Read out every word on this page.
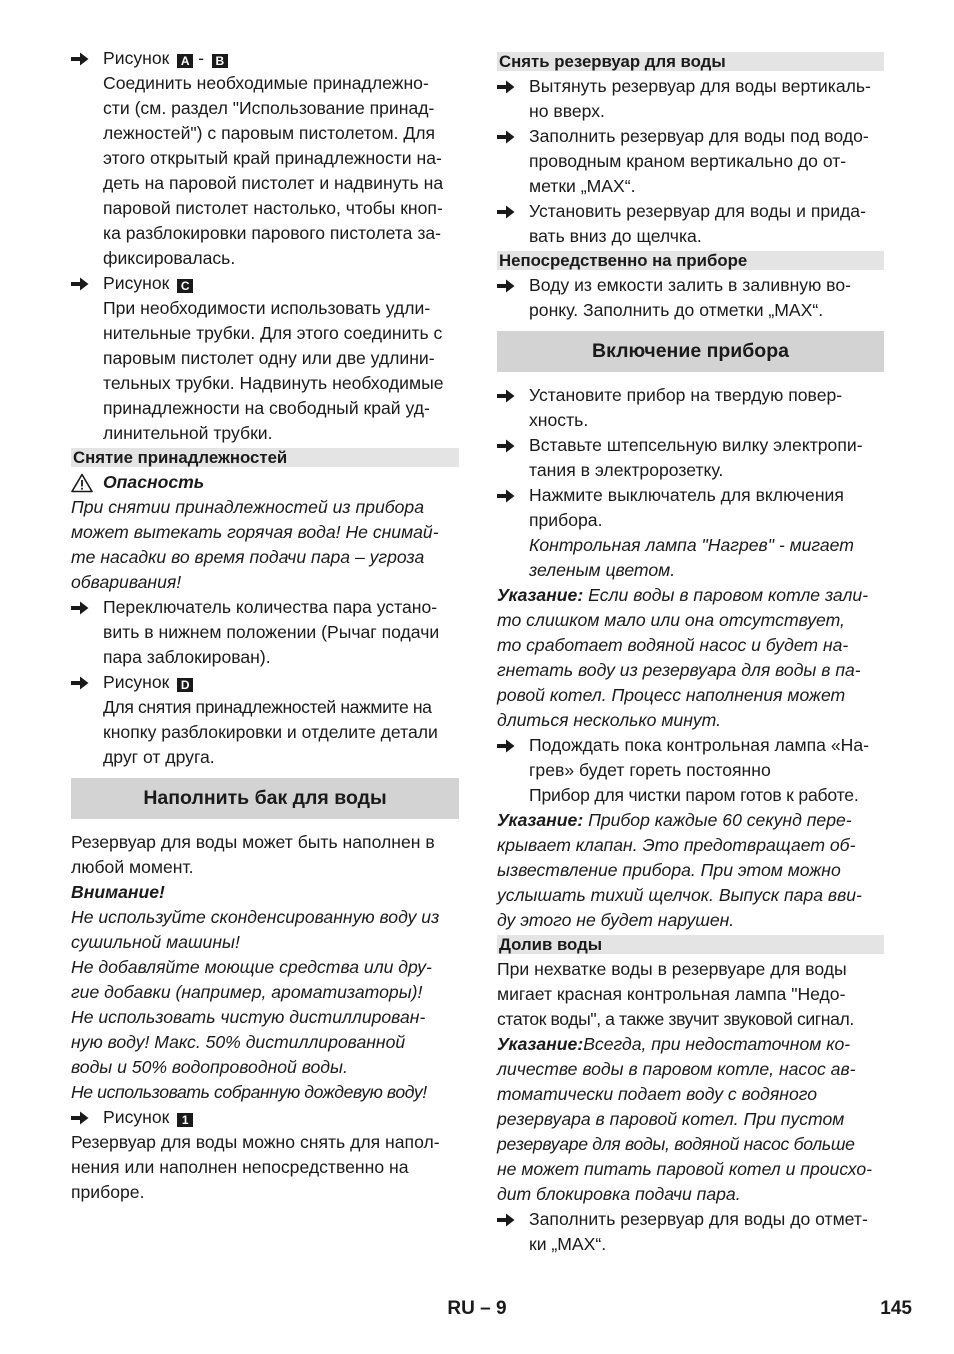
Рисунок A - B

Соединить необходимые принадлежно-

сти (см. раздел "Использование принад-

лежностей") с паровым пистолетом. Для

этого открытый край принадлежности на-

деть на паровой пистолет и надвинуть на

паровой пистолет настолько, чтобы кноп-

ка разблокировки парового пистолета за-

фиксировалась.

Рисунок C

При необходимости использовать удли-

нительные трубки. Для этого соединить с

паровым пистолет одну или две удлини-

тельных трубки. Надвинуть необходимые

принадлежности на свободный край уд-

линительной трубки.

Снятие принадлежностей

Опасность

При снятии принадлежностей из прибора

может вытекать горячая вода! Не снимай-

те насадки во время подачи пара – угроза

обваривания!

Переключатель количества пара устано-

вить в нижнем положении (Рычаг подачи

пара заблокирован).

Рисунок D

Для снятия принадлежностей нажмите на

кнопку разблокировки и отделите детали

друг от друга.

Наполнить бак для воды

Резервуар для воды может быть наполнен в

любой момент.

Внимание!

Не используйте сконденсированную воду из

сушильной машины!

Не добавляйте моющие средства или дру-

гие добавки (например, ароматизаторы)!

Не использовать чистую дистиллирован-

ную воду! Макс. 50% дистиллированной

воды и 50% водопроводной воды.

Не использовать собранную дождевую воду!

Рисунок 1

Резервуар для воды можно снять для напол-

нения или наполнен непосредственно на

приборе.

Снять резервуар для воды

Вытянуть резервуар для воды вертикаль-

но вверх.

Заполнить резервуар для воды под водо-

проводным краном вертикально до от-

метки „MAX“.

Установить резервуар для воды и прида-

вать вниз до щелчка.

Непосредственно на приборе

Воду из емкости залить в заливную во-

ронку. Заполнить до отметки „MAX“.

Включение прибора

Установите прибор на твердую повер-

хность.

Вставьте штепсельную вилку электропи-

тания в электророзетку.

Нажмите выключатель для включения

прибора.

Контрольная лампа "Нагрев" - мигает

зеленым цветом.

Указание: Если воды в паровом котле зали-

то слишком мало или она отсутствует,

то сработает водяной насос и будет на-

гнетать воду из резервуара для воды в па-

ровой котел. Процесс наполнения может

длиться несколько минут.

Подождать пока контрольная лампа «На-

грев» будет гореть постоянно

Прибор для чистки паром готов к работе.

Указание: Прибор каждые 60 секунд пере-

крывает клапан. Это предотвращает об-

ызвествление прибора. При этом можно

услышать тихий щелчок. Выпуск пара вви-

ду этого не будет нарушен.

Долив воды

При нехватке воды в резервуаре для воды

мигает красная контрольная лампа "Недо-

статок воды", а также звучит звуковой сигнал.

Указание:Всегда, при недостаточном ко-

личестве воды в паровом котле, насос ав-

томатически подает воду с водяного

резервуара в паровой котел. При пустом

резервуаре для воды, водяной насос больше

не может питать паровой котел и происхо-

дит блокировка подачи пара.

Заполнить резервуар для воды до отмет-

ки „MAX“.

RU – 9	145
